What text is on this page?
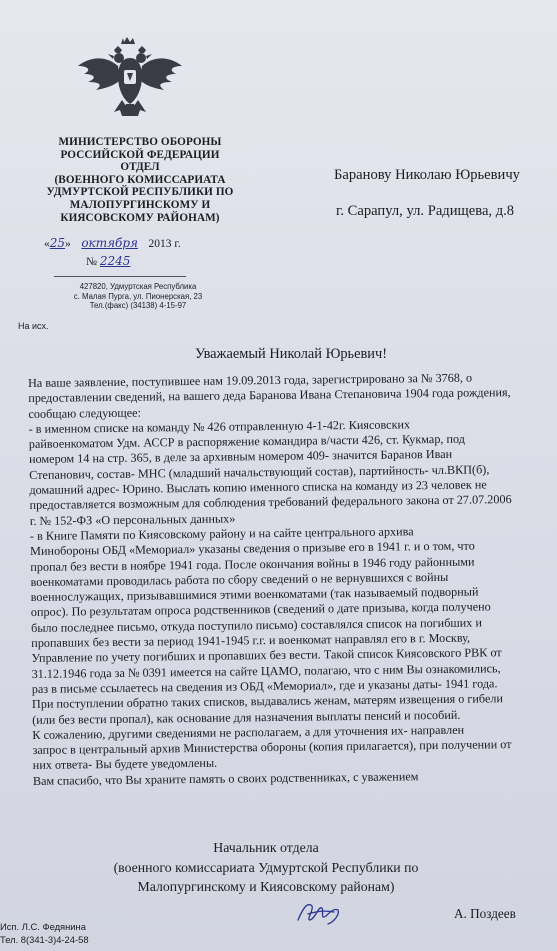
МИНИСТЕРСТВО ОБОРОНЫ
РОССИЙСКОЙ ФЕДЕРАЦИИ
ОТДЕЛ
(ВОЕННОГО КОМИССАРИАТА
УДМУРТСКОЙ РЕСПУБЛИКИ ПО
МАЛОПУРГИНСКОМУ И
КИЯСОВСКОМУ РАЙОНАМ)
«25» октября 2013 г.
№ 2245
427820, Удмуртская Республика
с. Малая Пурга, ул. Пионерская, 23
Тел.(факс) (34138) 4-15-97
Баранову Николаю Юрьевичу
г. Сарапул, ул. Радищева, д.8
На исх.
Уважаемый Николай Юрьевич!
На ваше заявление, поступившее нам 19.09.2013 года, зарегистрировано за № 3768, о
предоставлении сведений, на вашего деда Баранова Ивана Степановича 1904 года рождения,
сообщаю следующее:
- в именном списке на команду № 426 отправленную 4-1-42г. Киясовских
райвоенкоматом Удм. АССР в распоряжение командира в/части 426, ст. Кукмар, под
номером 14 на стр. 365, в деле за архивным номером 409- значится Баранов Иван
Степанович, состав- МНС (младший начальствующий состав), партийность- чл.ВКП(б),
домашний адрес- Юрино. Выслать копию именного списка на команду из 23 человек не
предоставляется возможным для соблюдения требований федерального закона от 27.07.2006
г. № 152-ФЗ «О персональных данных»
- в Книге Памяти по Киясовскому району и на сайте центрального архива
Минобороны ОБД «Мемориал» указаны сведения о призыве его в 1941 г. и о том, что
пропал без вести в ноябре 1941 года. После окончания войны в 1946 году районными
военкоматами проводилась работа по сбору сведений о не вернувшихся с войны
военнослужащих, призывавшимися этими военкоматами (так называемый подворный
опрос). По результатам опроса родственников (сведений о дате призыва, когда получено
было последнее письмо, откуда поступило письмо) составлялся список на погибших и
пропавших без вести за период 1941-1945 г.г. и военкомат направлял его в г. Москву,
Управление по учету погибших и пропавших без вести. Такой список Киясовского РВК от
31.12.1946 года за № 0391 имеется на сайте ЦАМО, полагаю, что с ним Вы ознакомились,
раз в письме ссылаетесь на сведения из ОБД «Мемориал», где и указаны даты- 1941 года.
При поступлении обратно таких списков, выдавались женам, матерям извещения о гибели
(или без вести пропал), как основание для назначения выплаты пенсий и пособий.
К сожалению, другими сведениями не располагаем, а для уточнения их- направлен
запрос в центральный архив Министерства обороны (копия прилагается), при получении от
них ответа- Вы будете уведомлены.
Вам спасибо, что Вы храните память о своих родственниках, с уважением
Начальник отдела
(военного комиссариата Удмуртской Республики по
Малопургинскому и Киясовскому районам)
А. Поздеев
Исп. Л.С. Федянина
Тел. 8(341-3)4-24-58
